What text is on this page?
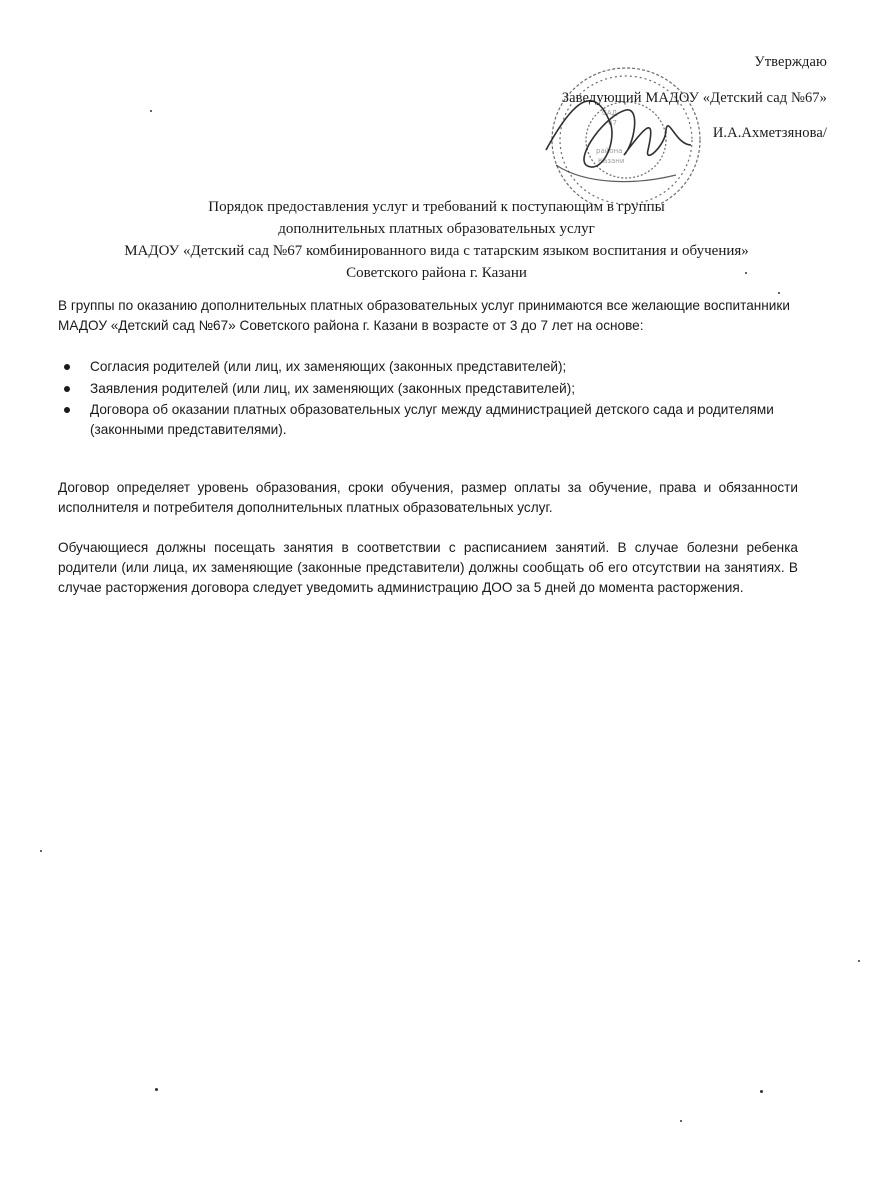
Утверждаю
Заведующий МАДОУ «Детский сад №67»
И.А.Ахметзянова/
САД
67
района
Казани
Порядок предоставления услуг и требований к поступающим в группы
дополнительных платных образовательных услуг
МАДОУ «Детский сад №67 комбинированного вида с татарским языком воспитания и обучения»
Советского района г. Казани

В группы по оказанию дополнительных платных образовательных услуг принимаются все желающие воспитанники МАДОУ «Детский сад №67» Советского района г. Казани в возрасте от 3 до 7 лет на основе:

Согласия родителей (или лиц, их заменяющих (законных представителей);
Заявления родителей (или лиц, их заменяющих (законных представителей);
Договора об оказании платных образовательных услуг между администрацией детского сада и родителями (законными представителями).

Договор определяет уровень образования, сроки обучения, размер оплаты за обучение, права и обязанности исполнителя и потребителя дополнительных платных образовательных услуг.

Обучающиеся должны посещать занятия в соответствии с расписанием занятий. В случае болезни ребенка родители (или лица, их заменяющие (законные представители) должны сообщать об его отсутствии на занятиях. В случае расторжения договора следует уведомить администрацию ДОО за 5 дней до момента расторжения.
